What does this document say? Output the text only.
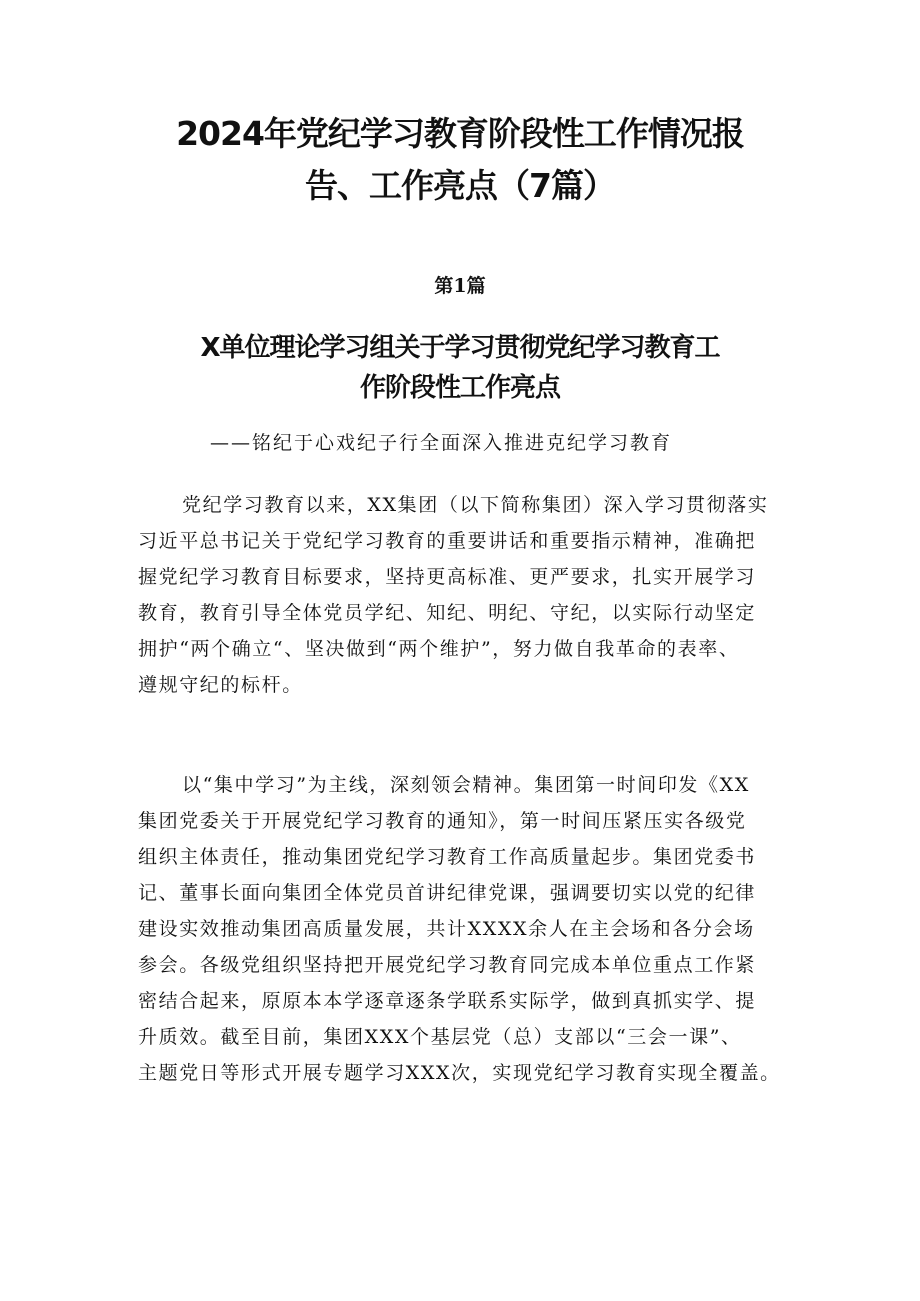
2024年党纪学习教育阶段性工作情况报
告、工作亮点（7篇）
第1篇
X单位理论学习组关于学习贯彻党纪学习教育工
作阶段性工作亮点
——铭纪于心戏纪子行全面深入推进克纪学习教育
党纪学习教育以来，XX集团（以下简称集团）深入学习贯彻落实
习近平总书记关于党纪学习教育的重要讲话和重要指示精神，准确把
握党纪学习教育目标要求，坚持更高标准、更严要求，扎实开展学习
教育，教育引导全体党员学纪、知纪、明纪、守纪，以实际行动坚定
拥护“两个确立“、坚决做到“两个维护”，努力做自我革命的表率、
遵规守纪的标杆。
以“集中学习”为主线，深刻领会精神。集团第一时间印发《XX
集团党委关于开展党纪学习教育的通知》，第一时间压紧压实各级党
组织主体责任，推动集团党纪学习教育工作高质量起步。集团党委书
记、董事长面向集团全体党员首讲纪律党课，强调要切实以党的纪律
建设实效推动集团高质量发展，共计XXXX余人在主会场和各分会场
参会。各级党组织坚持把开展党纪学习教育同完成本单位重点工作紧
密结合起来，原原本本学逐章逐条学联系实际学，做到真抓实学、提
升质效。截至目前，集团XXX个基层党（总）支部以“三会一课”、
主题党日等形式开展专题学习XXX次，实现党纪学习教育实现全覆盖。
